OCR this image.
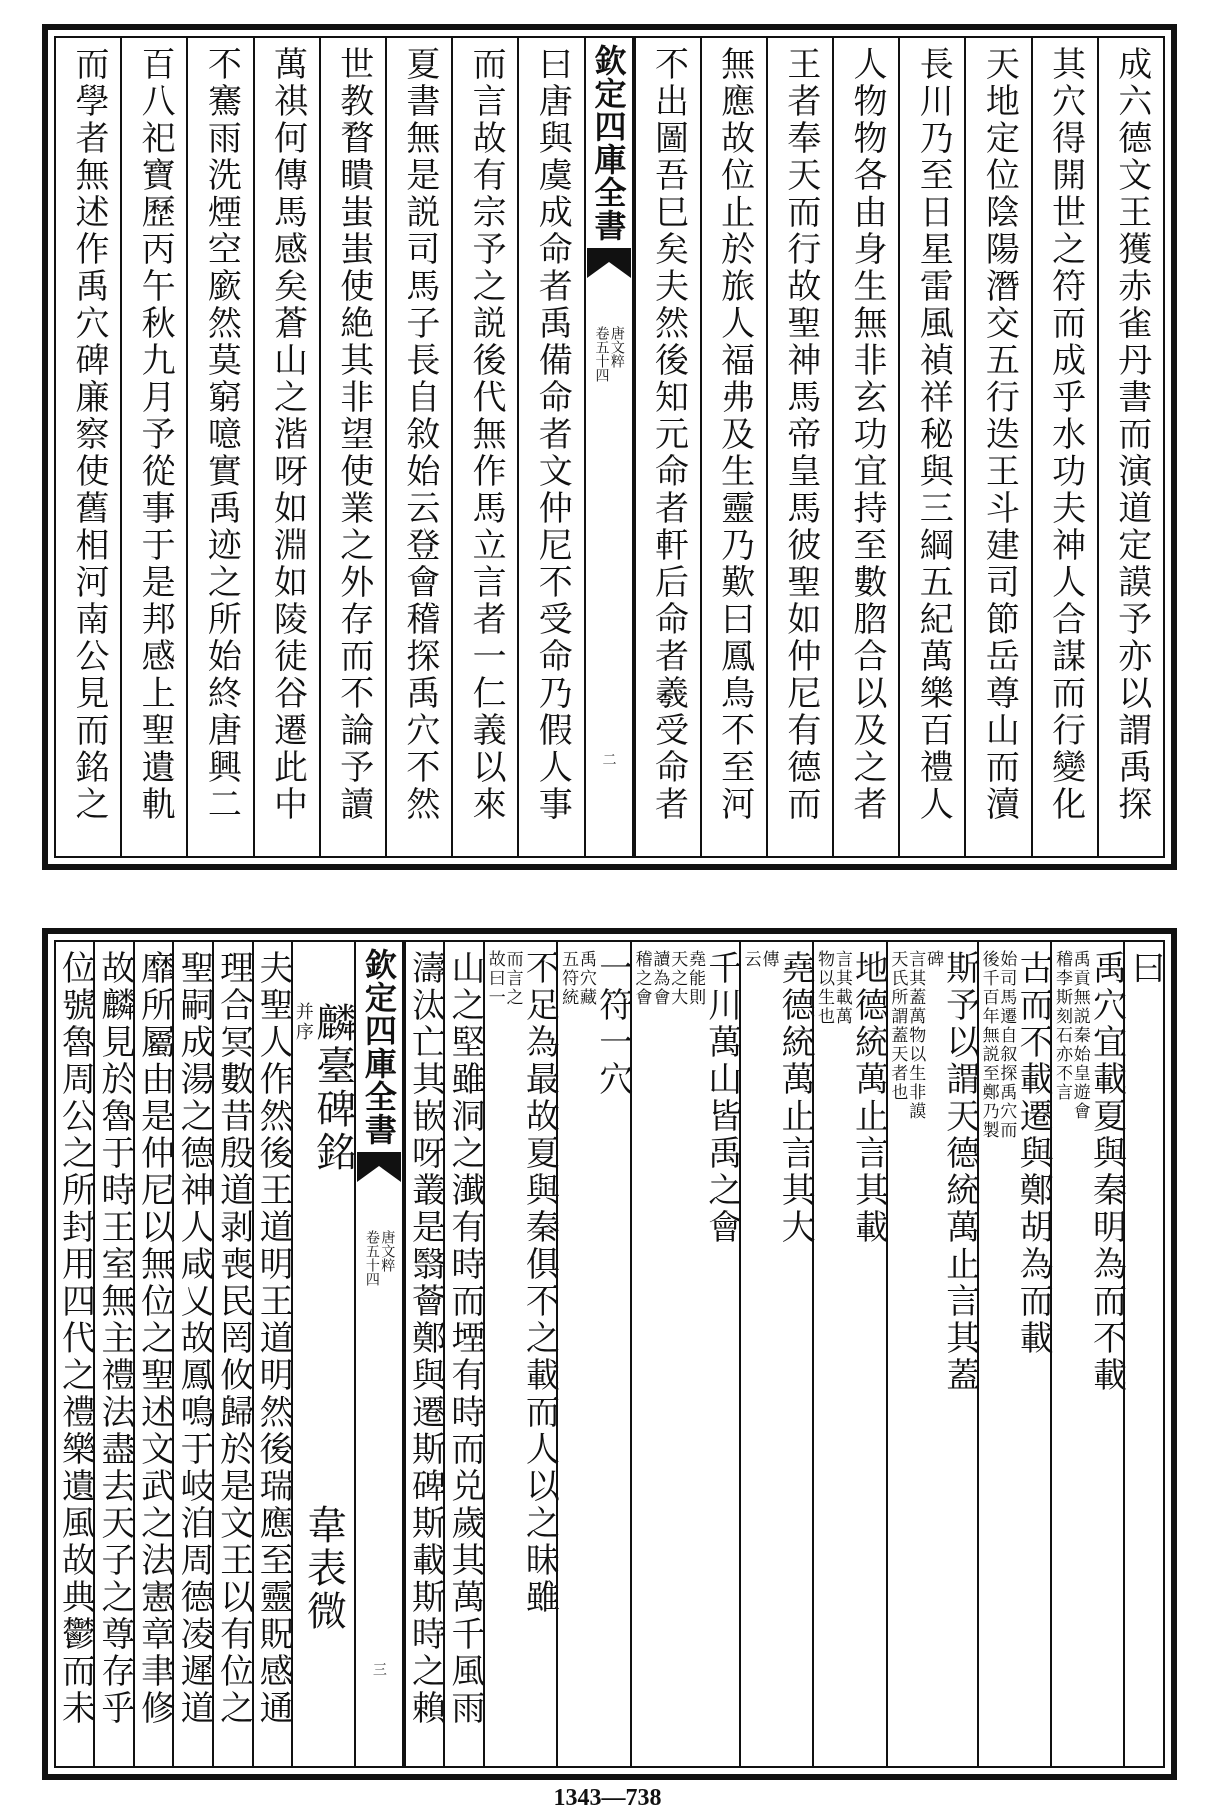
成六德文王獲赤雀丹書而演道定謨予亦以謂禹探
其穴得開世之符而成乎水功夫神人合謀而行變化
天地定位陰陽潛交五行迭王斗建司節岳尊山而瀆
長川乃至日星雷風禎祥秘與三綱五紀萬樂百禮人
人物物各由身生無非玄功宜持至數脗合以及之者
王者奉天而行故聖神馬帝皇馬彼聖如仲尼有德而
無應故位止於旅人福弗及生靈乃歎曰鳳鳥不至河
不出圖吾巳矣夫然後知元命者軒后命者羲受命者
欽定四庫全書
唐文粹
卷五十四
二
曰唐與虞成命者禹備命者文仲尼不受命乃假人事
而言故有宗予之説後代無作馬立言者一仁義以來
夏書無是説司馬子長自敘始云登會稽探禹穴不然
世教瞀瞶蚩蚩使絶其非望使業之外存而不論予讀
萬祺何傳馬感矣蒼山之湝呀如淵如陵徒谷遷此中
不騫雨洗煙空廞然莫窮噫實禹迹之所始終唐興二
百八祀寶歷丙午秋九月予從事于是邦感上聖遺軌
而學者無述作禹穴碑廉察使舊相河南公見而銘之
曰
禹穴宜載夏與秦明為而不載
禹貢無説秦始皇遊會
稽李斯刻石亦不言
古而不載遷與鄭胡為而載
始司馬遷自叙探禹穴而
後千百年無説至鄭乃製
斯予以謂天德統萬止言其蓋
碑
言其蓋萬物以生非謨
天氏所謂蓋天者也
地德統萬止言其載
言其載萬
物以生也
堯德統萬止言其大
傳
云
千川萬山皆禹之會
堯能則
天之大
讀為會
稽之會
一符一穴
禹穴藏
五符統
不足為最故夏與秦俱不之載而人以之昧雖
而言之
故曰一
山之堅雖洞之瀐有時而堙有時而兑歲其萬千風雨
濤汰亡其嵌呀叢是翳薈鄭與遷斯碑斯載斯時之賴
欽定四庫全書
唐文粹
卷五十四
三
麟臺碑銘
并序
韋表微
夫聖人作然後王道明王道明然後瑞應至靈貺感通
理合冥數昔殷道剥喪民罔攸歸於是文王以有位之
聖嗣成湯之德神人咸乂故鳳鳴于岐洎周德凌遲道
靡所屬由是仲尼以無位之聖述文武之法憲章聿修
故麟見於魯于時王室無主禮法盡去天子之尊存乎
位號魯周公之所封用四代之禮樂遺風故典鬱而未
1343—738
